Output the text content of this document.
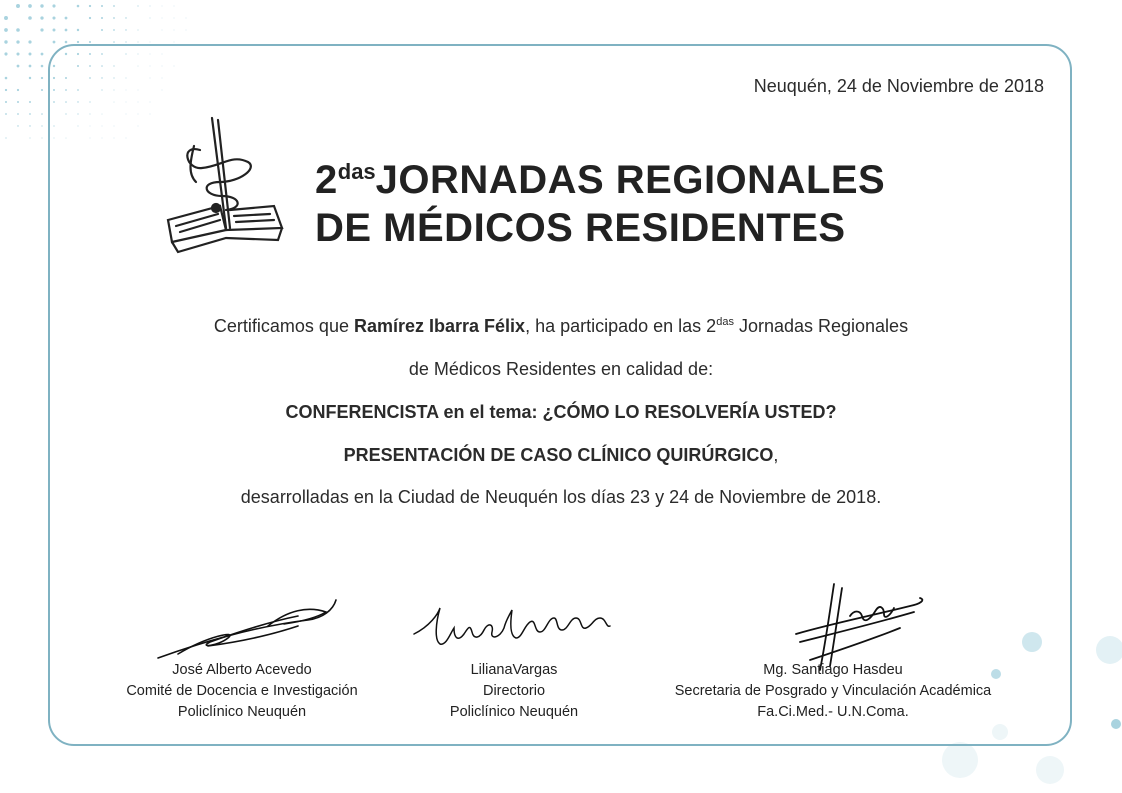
Neuquén, 24 de Noviembre de 2018
$2^{das}JORNADAS$ REGIONALES
DE MÉDICOS RESIDENTES
Certificamos que Ramírez Ibarra Félix, ha participado en las $2^{das}$ Jornadas Regionales
de Médicos Residentes en calidad de:
CONFERENCISTA en el tema: ¿CÓMO LO RESOLVERÍA USTED?
PRESENTACIÓN DE CASO CLÍNICO QUIRÚRGICO,
desarrolladas en la Ciudad de Neuquén los días 23 y 24 de Noviembre de 2018.
José Alberto Acevedo
Comité de Docencia e Investigación
Policlínico Neuquén
LilianaVargas
Directorio
Policlínico Neuquén
Mg. Santiago Hasdeu
Secretaria de Posgrado y Vinculación Académica
Fa.Ci.Med.- U.N.Coma.
